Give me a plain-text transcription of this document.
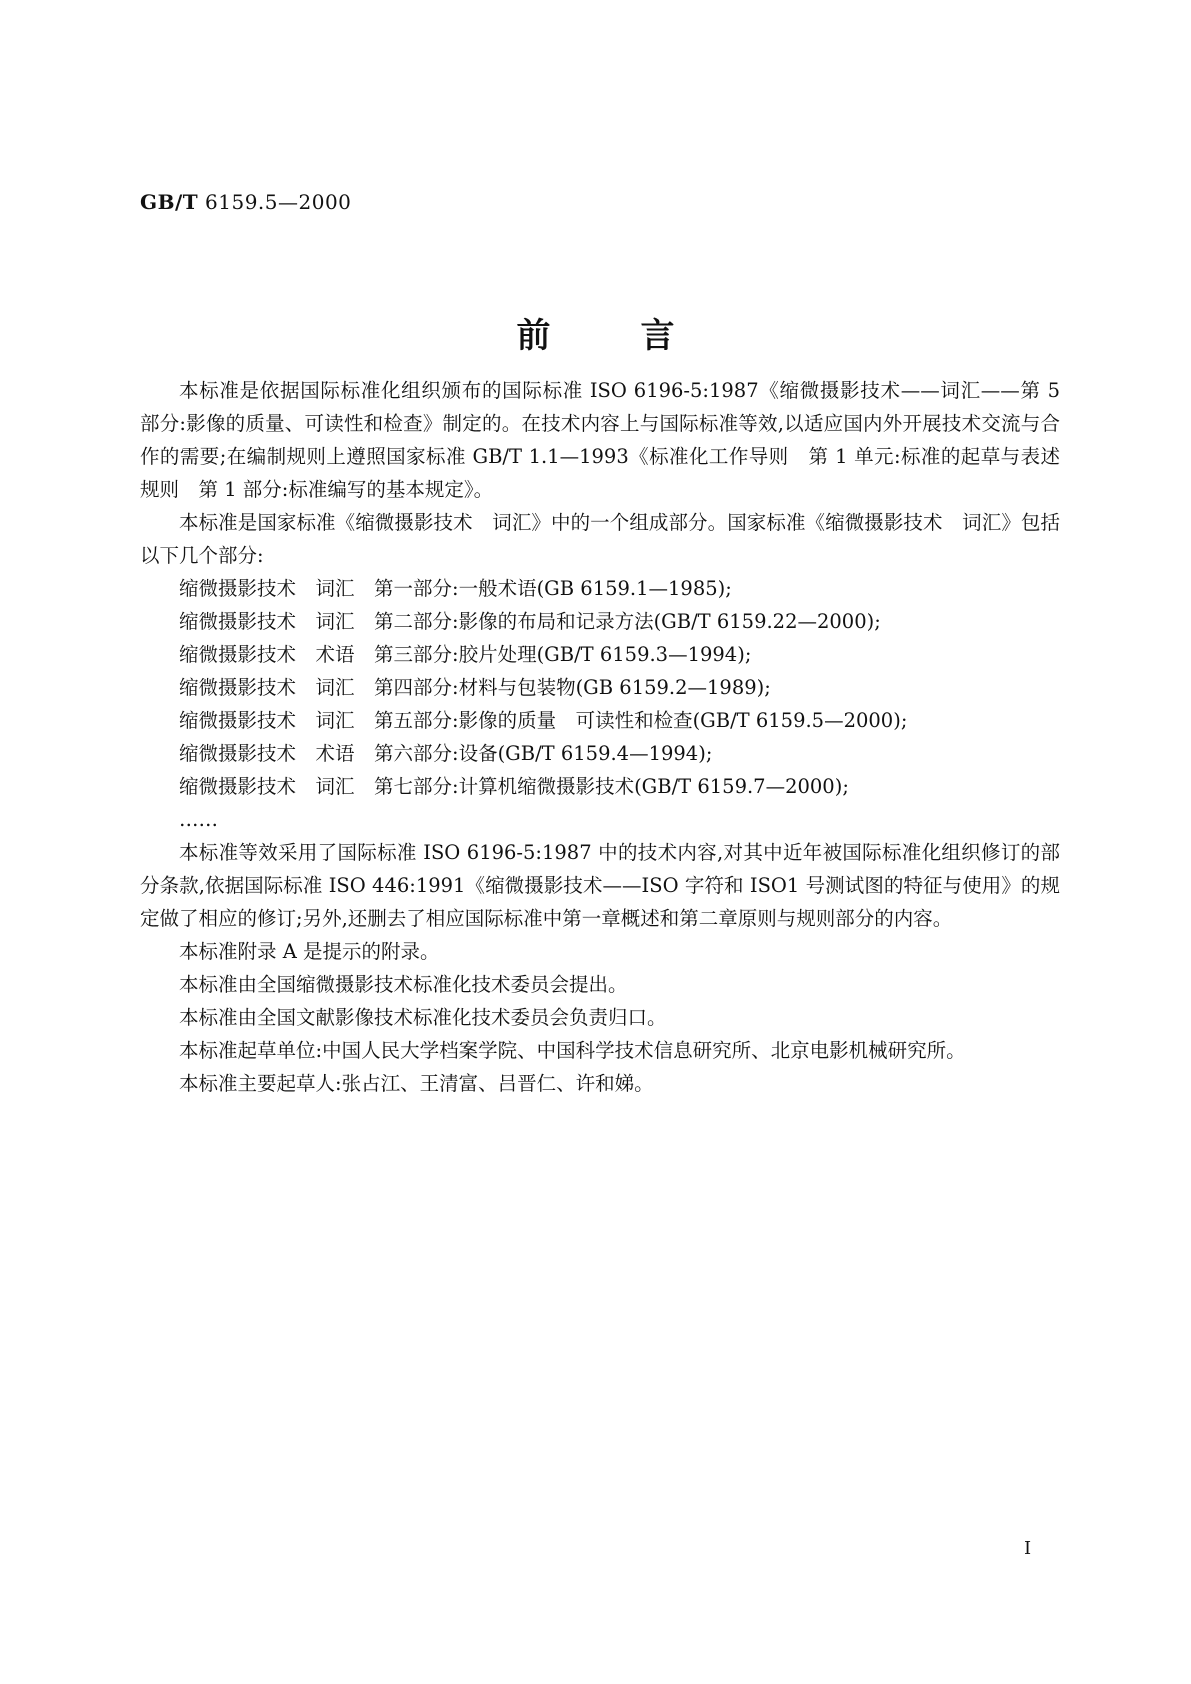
GB/T 6159.5—2000
前言

本标准是依据国际标准化组织颁布的国际标准 ISO 6196-5:1987《缩微摄影技术——词汇——第 5 部分:影像的质量、可读性和检查》制定的。在技术内容上与国际标准等效,以适应国内外开展技术交流与合作的需要;在编制规则上遵照国家标准 GB/T 1.1—1993《标准化工作导则　第 1 单元:标准的起草与表述规则　第 1 部分:标准编写的基本规定》。

本标准是国家标准《缩微摄影技术　词汇》中的一个组成部分。国家标准《缩微摄影技术　词汇》包括以下几个部分:

缩微摄影技术　词汇　第一部分:一般术语(GB 6159.1—1985);
缩微摄影技术　词汇　第二部分:影像的布局和记录方法(GB/T 6159.22—2000);
缩微摄影技术　术语　第三部分:胶片处理(GB/T 6159.3—1994);
缩微摄影技术　词汇　第四部分:材料与包装物(GB 6159.2—1989);
缩微摄影技术　词汇　第五部分:影像的质量　可读性和检查(GB/T 6159.5—2000);
缩微摄影技术　术语　第六部分:设备(GB/T 6159.4—1994);
缩微摄影技术　词汇　第七部分:计算机缩微摄影技术(GB/T 6159.7—2000);

……

本标准等效采用了国际标准 ISO 6196-5:1987 中的技术内容,对其中近年被国际标准化组织修订的部分条款,依据国际标准 ISO 446:1991《缩微摄影技术——ISO 字符和 ISO1 号测试图的特征与使用》的规定做了相应的修订;另外,还删去了相应国际标准中第一章概述和第二章原则与规则部分的内容。

本标准附录 A 是提示的附录。

本标准由全国缩微摄影技术标准化技术委员会提出。

本标准由全国文献影像技术标准化技术委员会负责归口。

本标准起草单位:中国人民大学档案学院、中国科学技术信息研究所、北京电影机械研究所。

本标准主要起草人:张占江、王清富、吕晋仁、许和娣。

I
